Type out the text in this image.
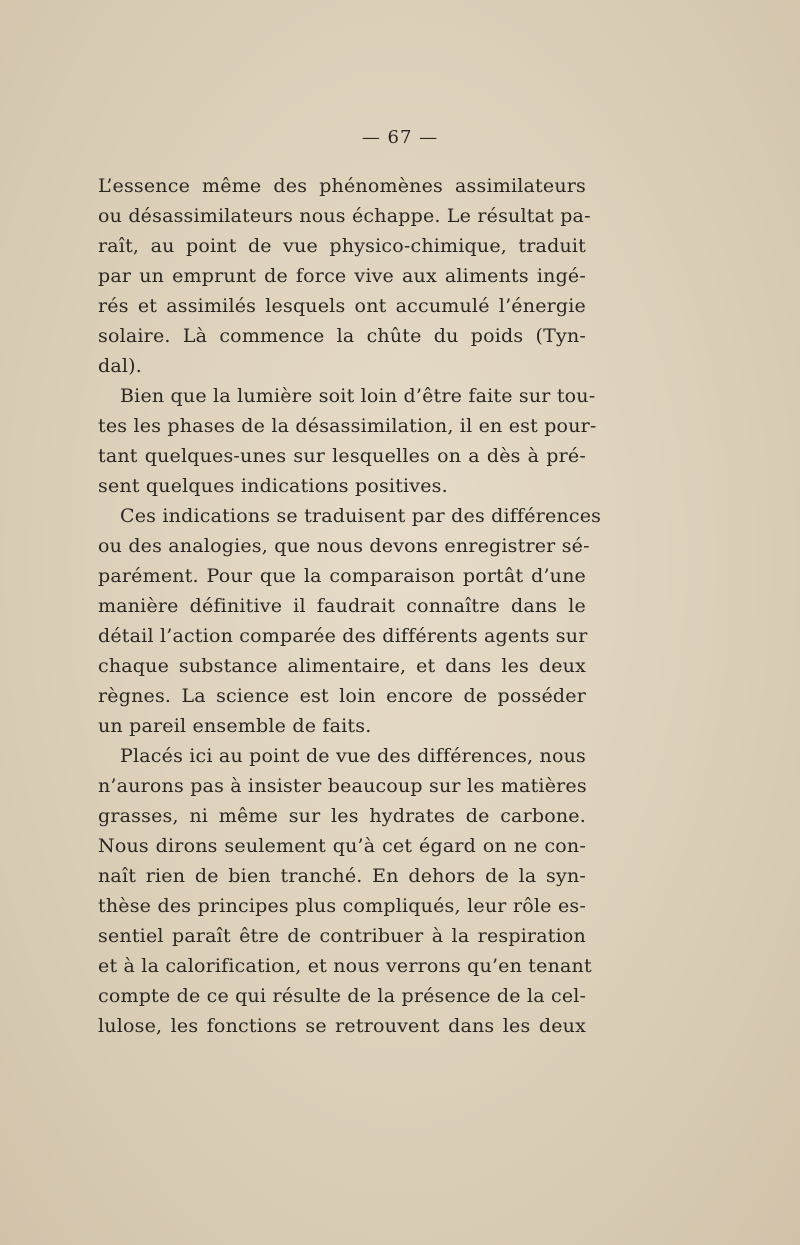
— 67 —
L’essence même des phénomènes assimilateurs
ou désassimilateurs nous échappe. Le résultat pa-
raît, au point de vue physico-chimique, traduit
par un emprunt de force vive aux aliments ingé-
rés et assimilés lesquels ont accumulé l’énergie
solaire. Là commence la chûte du poids (Tyn-
dal).
Bien que la lumière soit loin d’être faite sur tou-
tes les phases de la désassimilation, il en est pour-
tant quelques-unes sur lesquelles on a dès à pré-
sent quelques indications positives.
Ces indications se traduisent par des différences
ou des analogies, que nous devons enregistrer sé-
parément. Pour que la comparaison portât d’une
manière définitive il faudrait connaître dans le
détail l’action comparée des différents agents sur
chaque substance alimentaire, et dans les deux
règnes. La science est loin encore de posséder
un pareil ensemble de faits.
Placés ici au point de vue des différences, nous
n’aurons pas à insister beaucoup sur les matières
grasses, ni même sur les hydrates de carbone.
Nous dirons seulement qu’à cet égard on ne con-
naît rien de bien tranché. En dehors de la syn-
thèse des principes plus compliqués, leur rôle es-
sentiel paraît être de contribuer à la respiration
et à la calorification, et nous verrons qu’en tenant
compte de ce qui résulte de la présence de la cel-
lulose, les fonctions se retrouvent dans les deux
